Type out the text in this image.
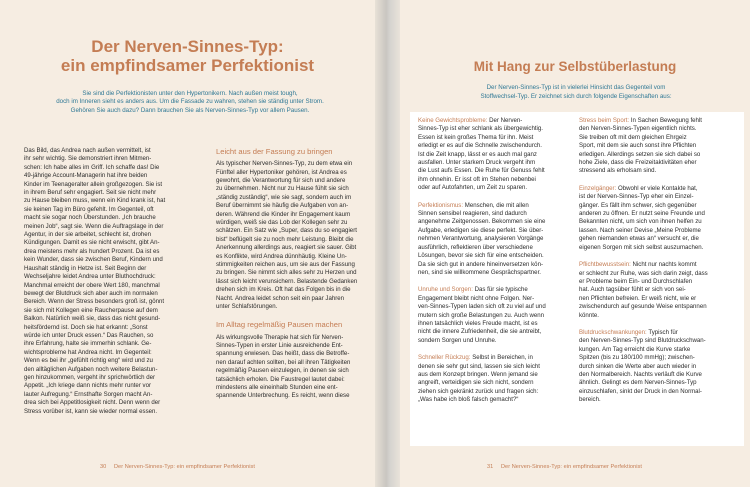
Der Nerven-Sinnes-Typ:
ein empfindsamer Perfektionist
Sie sind die Perfektionisten unter den Hypertonikern. Nach außen meist tough,
doch im Inneren sieht es anders aus. Um die Fassade zu wahren, stehen sie ständig unter Strom.
Gehören Sie auch dazu? Dann brauchen Sie als Nerven-Sinnes-Typ vor allem Pausen.
Das Bild, das Andrea nach außen vermittelt, ist
ihr sehr wichtig. Sie demonstriert ihren Mitmen-
schen: Ich habe alles im Griff. Ich schaffe das! Die
49-jährige Account-Managerin hat ihre beiden
Kinder im Teenageralter allein großgezogen. Sie ist
in ihrem Beruf sehr engagiert. Seit sie nicht mehr
zu Hause bleiben muss, wenn ein Kind krank ist, hat
sie keinen Tag im Büro gefehlt. Im Gegenteil, oft
macht sie sogar noch Überstunden. „Ich brauche
meinen Job“, sagt sie. Wenn die Auftragslage in der
Agentur, in der sie arbeitet, schlecht ist, drohen
Kündigungen. Damit es sie nicht erwischt, gibt An-
drea meistens mehr als hundert Prozent. Da ist es
kein Wunder, dass sie zwischen Beruf, Kindern und
Haushalt ständig in Hetze ist. Seit Beginn der
Wechseljahre leidet Andrea unter Bluthochdruck:
Manchmal erreicht der obere Wert 180, manchmal
bewegt der Blutdruck sich aber auch im normalen
Bereich. Wenn der Stress besonders groß ist, gönnt
sie sich mit Kollegen eine Raucherpause auf dem
Balkon. Natürlich weiß sie, dass das nicht gesund-
heitsfördernd ist. Doch sie hat erkannt: „Sonst
würde ich unter Druck essen.“ Das Rauchen, so
ihre Erfahrung, halte sie immerhin schlank. Ge-
wichtsprobleme hat Andrea nicht. Im Gegenteil:
Wenn es bei ihr „gefühlt richtig eng“ wird und zu
den alltäglichen Aufgaben noch weitere Belastun-
gen hinzukommen, vergeht ihr sprichwörtlich der
Appetit. „Ich kriege dann nichts mehr runter vor
lauter Aufregung.“ Ernsthafte Sorgen macht An-
drea sich bei Appetitlosigkeit nicht. Denn wenn der
Stress vorüber ist, kann sie wieder normal essen.
Leicht aus der Fassung zu bringen
Als typischer Nerven-Sinnes-Typ, zu dem etwa ein
Fünftel aller Hypertoniker gehören, ist Andrea es
gewohnt, die Verantwortung für sich und andere
zu übernehmen. Nicht nur zu Hause fühlt sie sich
„ständig zuständig“, wie sie sagt, sondern auch im
Beruf übernimmt sie häufig die Aufgaben von an-
deren. Während die Kinder ihr Engagement kaum
würdigen, weiß sie das Lob der Kollegen sehr zu
schätzen. Ein Satz wie „Super, dass du so engagiert
bist“ beflügelt sie zu noch mehr Leistung. Bleibt die
Anerkennung allerdings aus, reagiert sie sauer. Gibt
es Konflikte, wird Andrea dünnhäutig. Kleine Un-
stimmigkeiten reichen aus, um sie aus der Fassung
zu bringen. Sie nimmt sich alles sehr zu Herzen und
lässt sich leicht verunsichern. Belastende Gedanken
drehen sich im Kreis. Oft hat das Folgen bis in die
Nacht. Andrea leidet schon seit ein paar Jahren
unter Schlafstörungen.
Im Alltag regelmäßig Pausen machen
Als wirkungsvolle Therapie hat sich für Nerven-
Sinnes-Typen in erster Linie ausreichende Ent-
spannung erwiesen. Das heißt, dass die Betroffe-
nen darauf achten sollten, bei all ihren Tätigkeiten
regelmäßig Pausen einzulegen, in denen sie sich
tatsächlich erholen. Die Faustregel lautet dabei:
mindestens alle eineinhalb Stunden eine ent-
spannende Unterbrechung. Es reicht, wenn diese
30 Der Nerven-Sinnes-Typ: ein empfindsamer Perfektionist
Mit Hang zur Selbstüberlastung
Der Nerven-Sinnes-Typ ist in vielerlei Hinsicht das Gegenteil vom
Stoffwechsel-Typ. Er zeichnet sich durch folgende Eigenschaften aus:
Keine Gewichtsprobleme: Der Nerven-
Sinnes-Typ ist eher schlank als übergewichtig.
Essen ist kein großes Thema für ihn. Meist
erledigt er es auf die Schnelle zwischendurch.
Ist die Zeit knapp, lässt er es auch mal ganz
ausfallen. Unter starkem Druck vergeht ihm
die Lust aufs Essen. Die Ruhe für Genuss fehlt
ihm ohnehin. Er isst oft im Stehen nebenbei
oder auf Autofahrten, um Zeit zu sparen.
Perfektionismus: Menschen, die mit allen
Sinnen sensibel reagieren, sind dadurch
angenehme Zeitgenossen. Bekommen sie eine
Aufgabe, erledigen sie diese perfekt. Sie über-
nehmen Verantwortung, analysieren Vorgänge
ausführlich, reflektieren über verschiedene
Lösungen, bevor sie sich für eine entscheiden.
Da sie sich gut in andere hineinversetzen kön-
nen, sind sie willkommene Gesprächspartner.
Unruhe und Sorgen: Das für sie typische
Engagement bleibt nicht ohne Folgen. Ner-
ven-Sinnes-Typen laden sich oft zu viel auf und
mutern sich große Belastungen zu. Auch wenn
ihnen tatsächlich vieles Freude macht, ist es
nicht die innere Zufriedenheit, die sie antreibt,
sondern Sorgen und Unruhe.
Schneller Rückzug: Selbst in Bereichen, in
denen sie sehr gut sind, lassen sie sich leicht
aus dem Konzept bringen. Wenn jemand sie
angreift, verteidigen sie sich nicht, sondern
ziehen sich gekränkt zurück und fragen sich:
„Was habe ich bloß falsch gemacht?“
Stress beim Sport: In Sachen Bewegung fehlt
den Nerven-Sinnes-Typen eigentlich nichts.
Sie treiben oft mit dem gleichen Ehrgeiz
Sport, mit dem sie auch sonst ihre Pflichten
erledigen. Allerdings setzen sie sich dabei so
hohe Ziele, dass die Freizeitaktivitäten eher
stressend als erholsam sind.
Einzelgänger: Obwohl er viele Kontakte hat,
ist der Nerven-Sinnes-Typ eher ein Einzel-
gänger. Es fällt ihm schwer, sich gegenüber
anderen zu öffnen. Er nutzt seine Freunde und
Bekannten nicht, um sich von ihnen helfen zu
lassen. Nach seiner Devise „Meine Probleme
gehen niemanden etwas an“ versucht er, die
eigenen Sorgen mit sich selbst auszumachen.
Pflichtbewusstsein: Nicht nur nachts kommt
er schlecht zur Ruhe, was sich darin zeigt, dass
er Probleme beim Ein- und Durchschlafen
hat. Auch tagsüber fühlt er sich von sei-
nen Pflichten befreien. Er weiß nicht, wie er
zwischendurch auf gesunde Weise entspannen
könnte.
Blutdruckschwankungen: Typisch für
den Nerven-Sinnes-Typ sind Blutdruckschwan-
kungen. Am Tag erreicht die Kurve starke
Spitzen (bis zu 180/100 mmHg); zwischen-
durch sinken die Werte aber auch wieder in
den Normalbereich. Nachts verläuft die Kurve
ähnlich. Gelingt es dem Nerven-Sinnes-Typ
einzuschlafen, sinkt der Druck in den Normal-
bereich.
31 Der Nerven-Sinnes-Typ: ein empfindsamer Perfektionist
